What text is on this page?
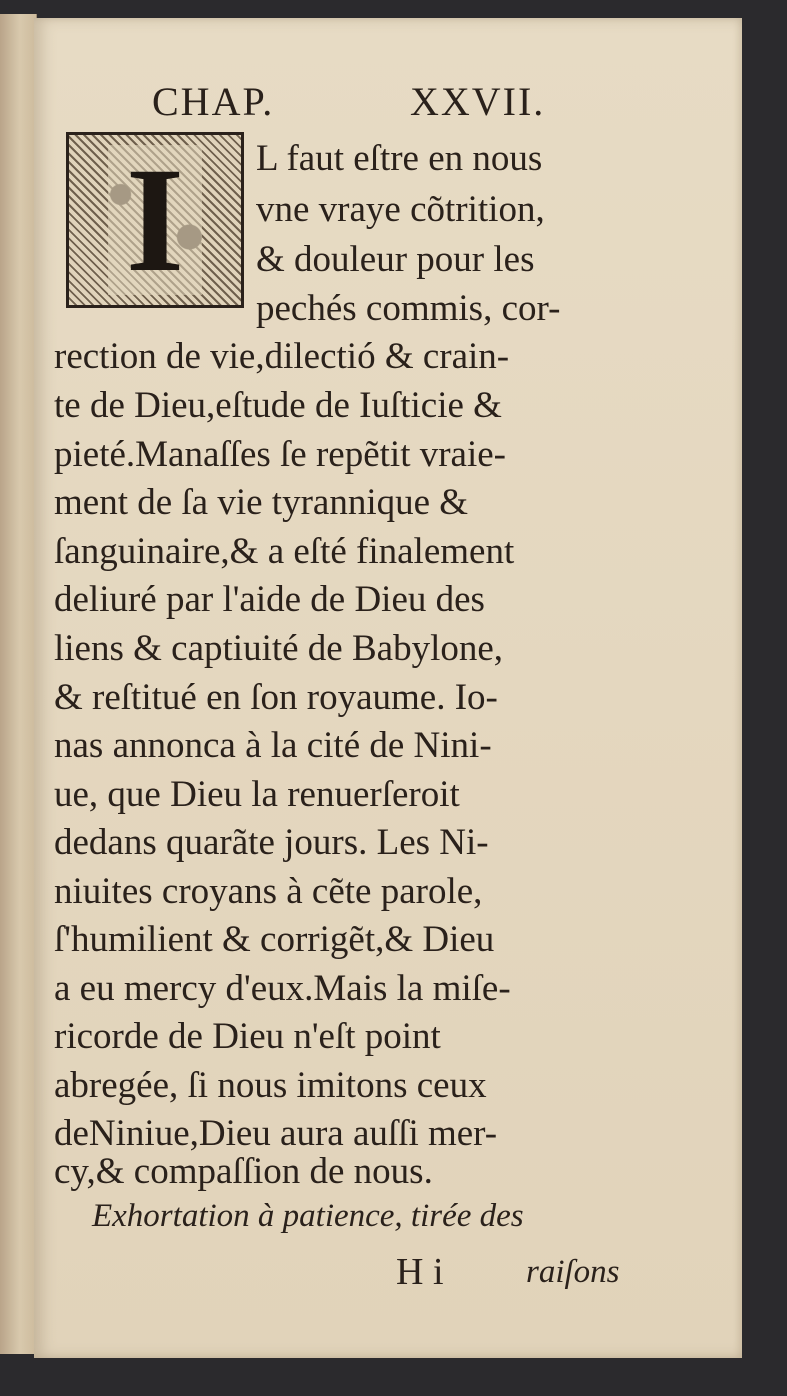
CHAP.	XXVII.
I	L faut eſtre en nous
vne vraye cõtrition,
& douleur pour les
pechés commis, cor-
rection de vie,dilectió & crain-
te de Dieu,eſtude de Iuſticie &
pieté.Manaſſes ſe repẽtit vraie-
ment de ſa vie tyrannique &
ſanguinaire,& a eſté finalement
deliuré par l'aide de Dieu des
liens & captiuité de Babylone,
& reſtitué en ſon royaume. Io-
nas annonca à la cité de Nini-
ue, que Dieu la renuerſeroit
dedans quarãte jours. Les Ni-
niuites croyans à cẽte parole,
ſ'humilient & corrigẽt,& Dieu
a eu mercy d'eux.Mais la miſe-
ricorde de Dieu n'eſt point
abregée, ſi nous imitons ceux
deNiniue,Dieu aura auſſi mer-
cy,& compaſſion de nous.
Exhortation à patience, tirée des
H i	raiſons
